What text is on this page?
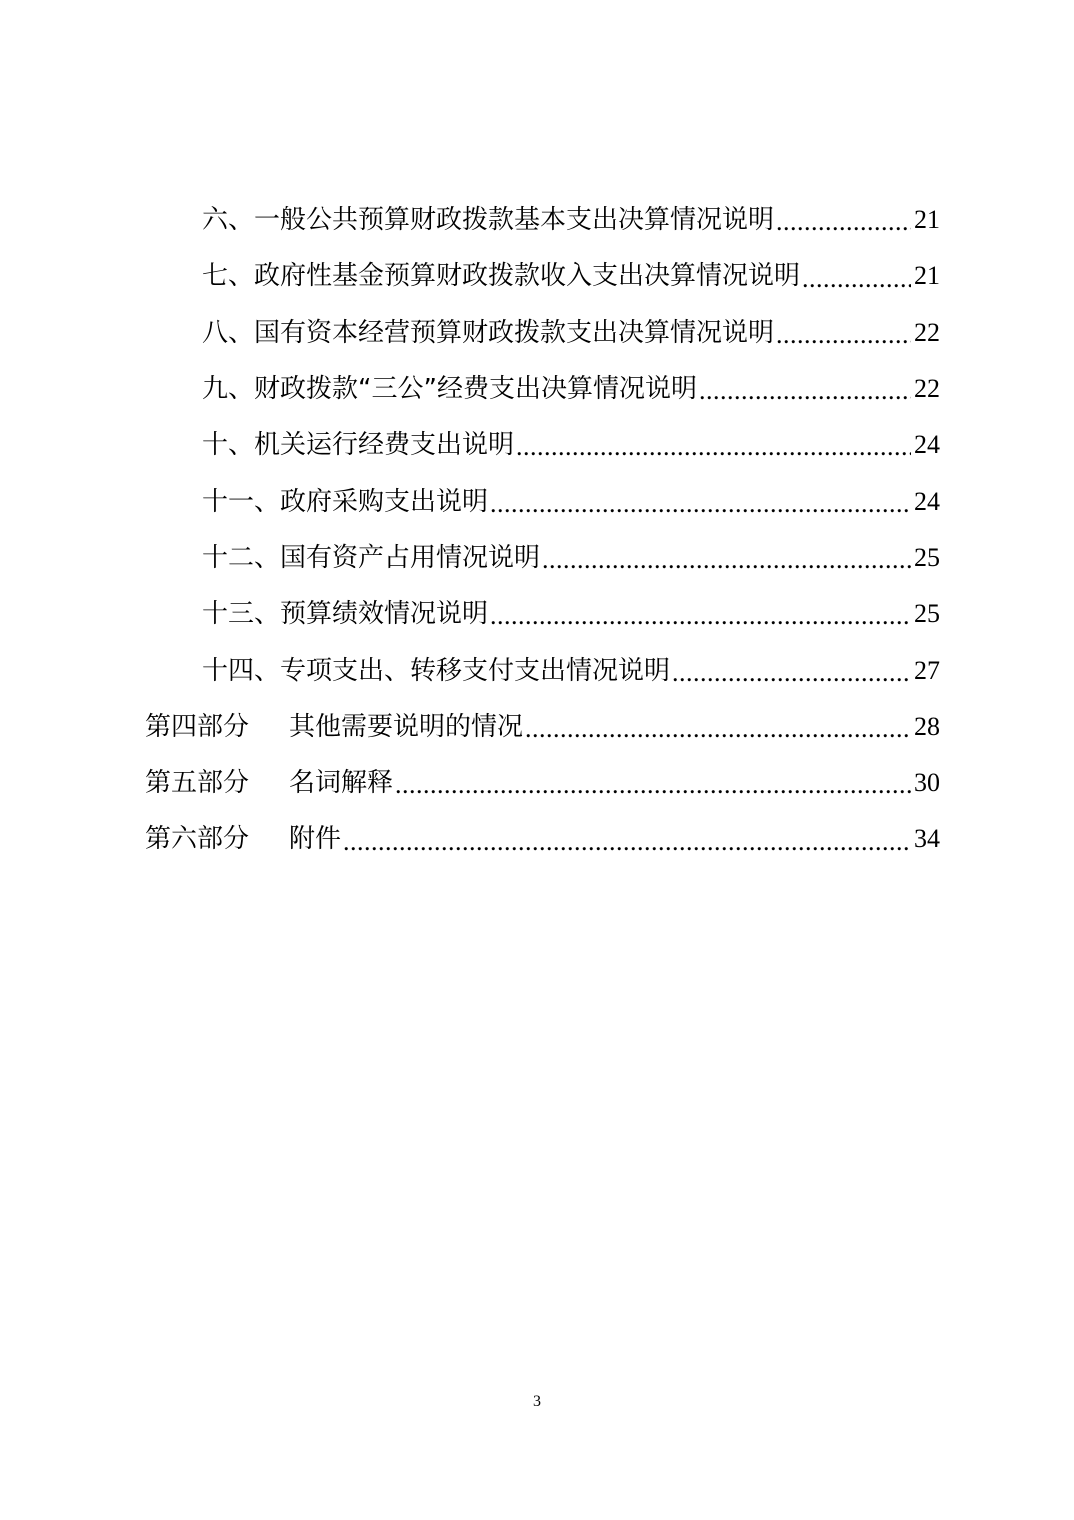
六、一般公共预算财政拨款基本支出决算情况说明 .....	21
七、政府性基金预算财政拨款收入支出决算情况说明 .....	21
八、国有资本经营预算财政拨款支出决算情况说明 .....	22
九、财政拨款“三公”经费支出决算情况说明 .....	22
十、机关运行经费支出说明 .....	24
十一、政府采购支出说明 .....	24
十二、国有资产占用情况说明 .....	25
十三、预算绩效情况说明 .....	25
十四、专项支出、转移支付支出情况说明 .....	27
第四部分 其他需要说明的情况 .....	28
第五部分 名词解释 .....	30
第六部分 附件 .....	34
3
